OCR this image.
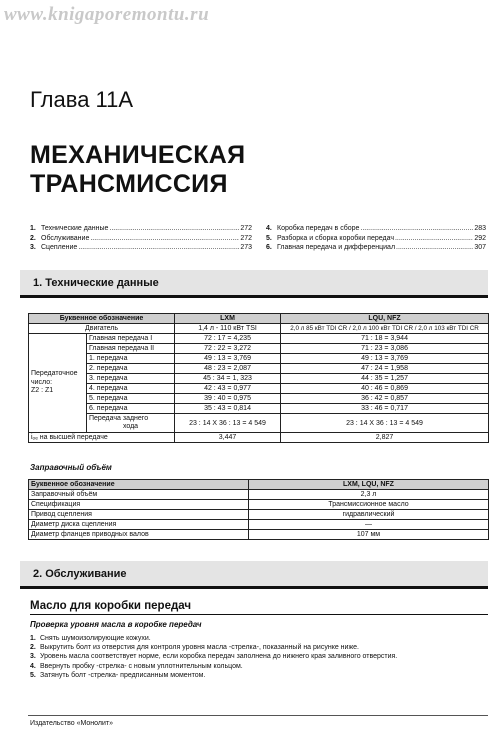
www.knigaporemontu.ru
Глава 11А
МЕХАНИЧЕСКАЯ
ТРАНСМИССИЯ
1. Технические данные .....	272
2. Обслуживание .....	272
3. Сцепление .....	273
4. Коробка передач в сборе .....	283
5. Разборка и сборка коробки передач .....	292
6. Главная передача и дифференциал .....	307
1. Технические данные
Буквенное обозначение		LXM	LQU, NFZ
Двигатель		1,4 л - 110 кВт TSI	2,0 л 85 кВт TDI CR / 2,0 л 100 кВт TDI CR / 2,0 л 103 кВт TDI CR

Передаточное
число:
Z2 : Z1	Главная передача I	72 : 17 = 4,235	71 : 18 = 3,944
	Главная передача II	72 : 22 = 3,272	71 : 23 = 3,086
	1. передача	49 : 13 = 3,769	49 : 13 = 3,769
	2. передача	48 : 23 = 2,087	47 : 24 = 1,958
	3. передача	45 : 34 = 1, 323	44 : 35 = 1,257
	4. передача	42 : 43 = 0,977	40 : 46 = 0,869
	5. передача	39 : 40 = 0,975	36 : 42 = 0,857
	6. передача	35 : 43 = 0,814	33 : 46 = 0,717

	Передача заднего
хода	23 : 14 X 36 : 13 = 4 549	23 : 14 X 36 : 13 = 4 549
iₒₑ на высшей передаче		3,447	2,827
Заправочный объём
Буквенное обозначение	LXM, LQU, NFZ
Заправочный объём	2,3 л
Спецификация	Трансмиссионное масло
Привод сцепления	гидравлический
Диаметр диска сцепления	—
Диаметр фланцев приводных валов	107 мм
2. Обслуживание
Масло для коробки передач
Проверка уровня масла в коробке передач
1. Снять шумоизолирующие кожухи.
2. Выкрутить болт из отверстия для контроля уровня масла -стрелка-, показанный на рисунке ниже.
3. Уровень масла соответствует норме, если коробка передач заполнена до нижнего края заливного отверстия.
4. Ввернуть пробку -стрелка- с новым уплотнительным кольцом.
5. Затянуть болт -стрелка- предписанным моментом.
Издательство «Монолит»
